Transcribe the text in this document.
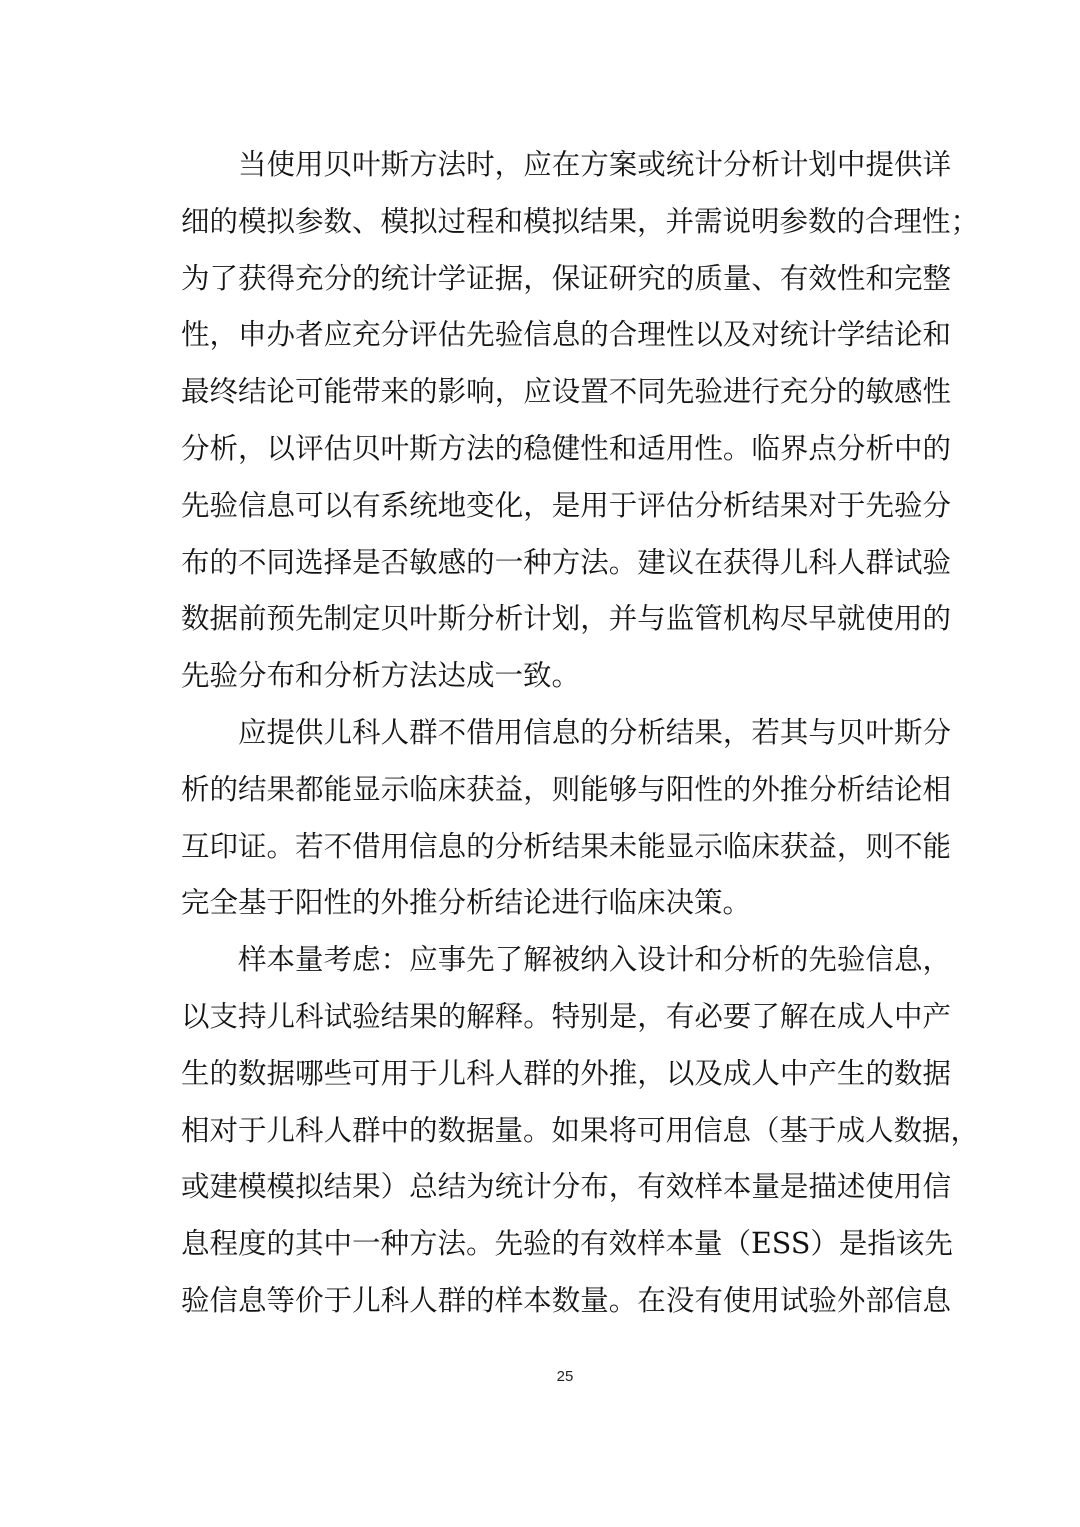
当使用贝叶斯方法时，应在方案或统计分析计划中提供详
细的模拟参数、模拟过程和模拟结果，并需说明参数的合理性；
为了获得充分的统计学证据，保证研究的质量、有效性和完整
性，申办者应充分评估先验信息的合理性以及对统计学结论和
最终结论可能带来的影响，应设置不同先验进行充分的敏感性
分析，以评估贝叶斯方法的稳健性和适用性。临界点分析中的
先验信息可以有系统地变化，是用于评估分析结果对于先验分
布的不同选择是否敏感的一种方法。建议在获得儿科人群试验
数据前预先制定贝叶斯分析计划，并与监管机构尽早就使用的
先验分布和分析方法达成一致。

应提供儿科人群不借用信息的分析结果，若其与贝叶斯分
析的结果都能显示临床获益，则能够与阳性的外推分析结论相
互印证。若不借用信息的分析结果未能显示临床获益，则不能
完全基于阳性的外推分析结论进行临床决策。

样本量考虑：应事先了解被纳入设计和分析的先验信息，
以支持儿科试验结果的解释。特别是，有必要了解在成人中产
生的数据哪些可用于儿科人群的外推，以及成人中产生的数据
相对于儿科人群中的数据量。如果将可用信息（基于成人数据，
或建模模拟结果）总结为统计分布，有效样本量是描述使用信
息程度的其中一种方法。先验的有效样本量（ESS）是指该先
验信息等价于儿科人群的样本数量。在没有使用试验外部信息

25
